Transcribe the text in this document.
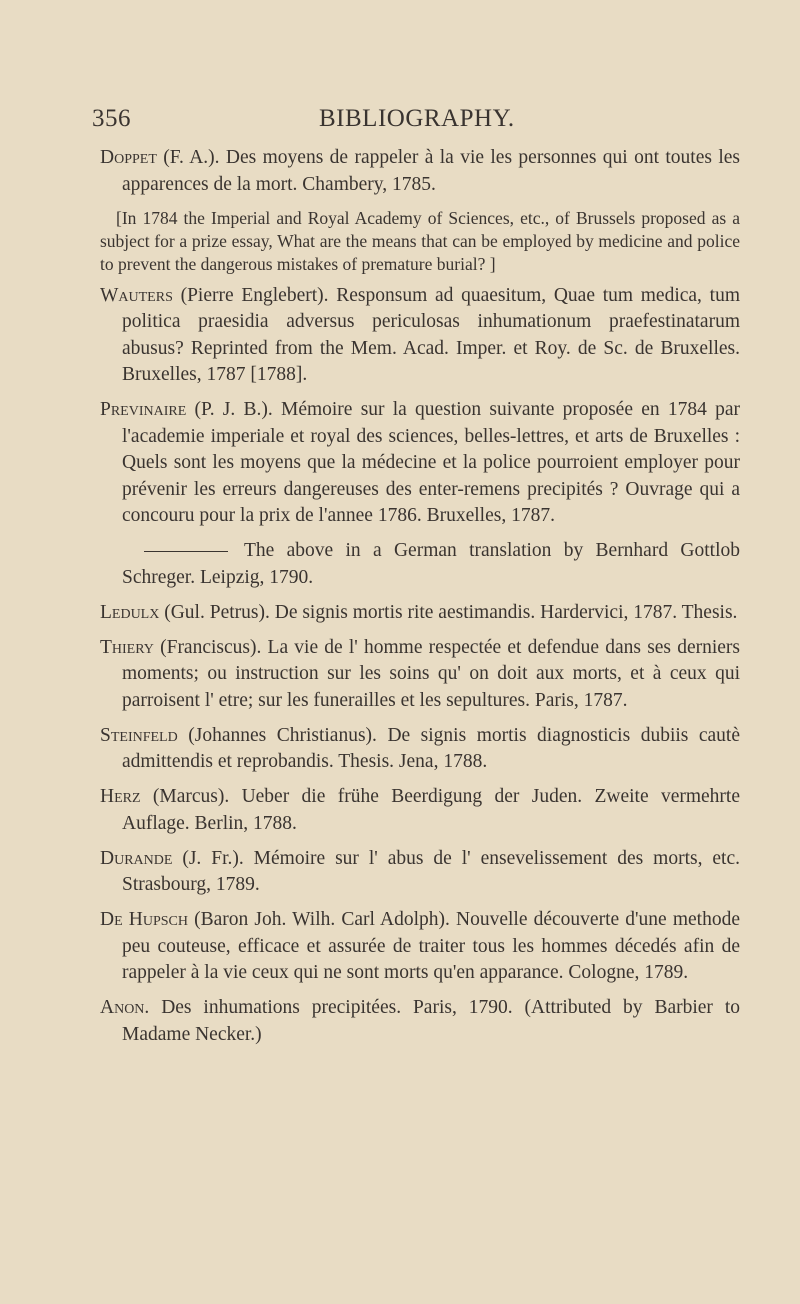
356	BIBLIOGRAPHY.

Doppet (F. A.). Des moyens de rappeler à la vie les personnes qui ont toutes les apparences de la mort. Chambery, 1785.

[In 1784 the Imperial and Royal Academy of Sciences, etc., of Brussels proposed as a subject for a prize essay, What are the means that can be employed by medicine and police to prevent the dangerous mistakes of premature burial? ]

Wauters (Pierre Englebert). Responsum ad quaesitum, Quae tum medica, tum politica praesidia adversus periculosas inhumationum praefestinatarum abusus? Reprinted from the Mem. Acad. Imper. et Roy. de Sc. de Bruxelles. Bruxelles, 1787 [1788].

Previnaire (P. J. B.). Mémoire sur la question suivante proposée en 1784 par l'academie imperiale et royal des sciences, belles-lettres, et arts de Bruxelles : Quels sont les moyens que la médecine et la police pourroient employer pour prévenir les erreurs dangereuses des enter-remens precipités ? Ouvrage qui a concouru pour la prix de l'annee 1786. Bruxelles, 1787.

The above in a German translation by Bernhard Gottlob Schreger. Leipzig, 1790.

Ledulx (Gul. Petrus). De signis mortis rite aestimandis. Hardervici, 1787. Thesis.

Thiery (Franciscus). La vie de l' homme respectée et defendue dans ses derniers moments; ou instruction sur les soins qu' on doit aux morts, et à ceux qui parroisent l' etre; sur les funerailles et les sepultures. Paris, 1787.

Steinfeld (Johannes Christianus). De signis mortis diagnosticis dubiis cautè admittendis et reprobandis. Thesis. Jena, 1788.

Herz (Marcus). Ueber die frühe Beerdigung der Juden. Zweite vermehrte Auflage. Berlin, 1788.

Durande (J. Fr.). Mémoire sur l' abus de l' ensevelissement des morts, etc. Strasbourg, 1789.

De Hupsch (Baron Joh. Wilh. Carl Adolph). Nouvelle découverte d'une methode peu couteuse, efficace et assurée de traiter tous les hommes décedés afin de rappeler à la vie ceux qui ne sont morts qu'en apparance. Cologne, 1789.

Anon. Des inhumations precipitées. Paris, 1790. (Attributed by Barbier to Madame Necker.)
